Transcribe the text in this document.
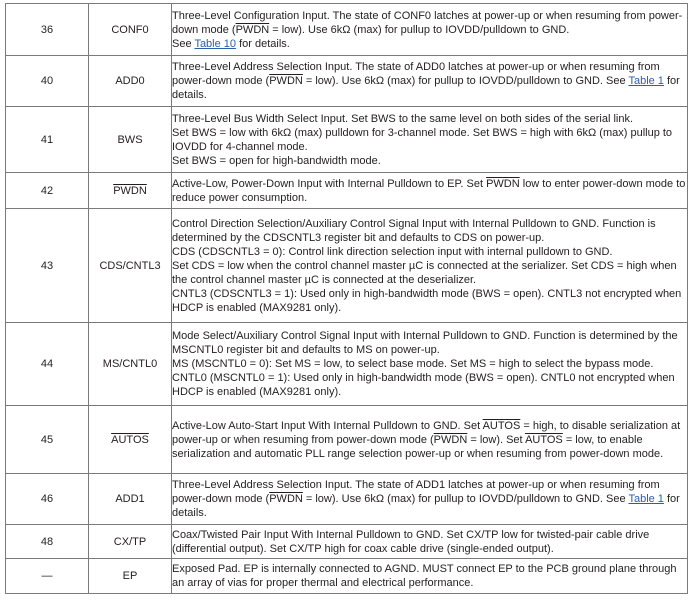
36	CONF0	Three-Level Configuration Input. The state of CONF0 latches at power-up or when resuming from power-down mode (PWDN = low). Use 6kΩ (max) for pullup to IOVDD/pulldown to GND.
See Table 10 for details.
40	ADD0	Three-Level Address Selection Input. The state of ADD0 latches at power-up or when resuming from power-down mode (PWDN = low). Use 6kΩ (max) for pullup to IOVDD/pulldown to GND. See Table 1 for details.
41	BWS	Three-Level Bus Width Select Input. Set BWS to the same level on both sides of the serial link.
Set BWS = low with 6kΩ (max) pulldown for 3-channel mode. Set BWS = high with 6kΩ (max) pullup to IOVDD for 4-channel mode.
Set BWS = open for high-bandwidth mode.

42	PWDN	Active-Low, Power-Down Input with Internal Pulldown to EP. Set PWDN low to enter power-down mode to reduce power consumption.
43	CDS/CNTL3	Control Direction Selection/Auxiliary Control Signal Input with Internal Pulldown to GND. Function is determined by the CDSCNTL3 register bit and defaults to CDS on power-up.
CDS (CDSCNTL3 = 0): Control link direction selection input with internal pulldown to GND.
Set CDS = low when the control channel master µC is connected at the serializer. Set CDS = high when the control channel master µC is connected at the deserializer.
CNTL3 (CDSCNTL3 = 1): Used only in high-bandwidth mode (BWS = open). CNTL3 not encrypted when HDCP is enabled (MAX9281 only).

44	MS/CNTL0	Mode Select/Auxiliary Control Signal Input with Internal Pulldown to GND. Function is determined by the MSCNTL0 register bit and defaults to MS on power-up.
MS (MSCNTL0 = 0): Set MS = low, to select base mode. Set MS = high to select the bypass mode.
CNTL0 (MSCNTL0 = 1): Used only in high-bandwidth mode (BWS = open). CNTL0 not encrypted when HDCP is enabled (MAX9281 only).

45	AUTOS	Active-Low Auto-Start Input With Internal Pulldown to GND. Set AUTOS = high, to disable serialization at power-up or when resuming from power-down mode (PWDN = low). Set AUTOS = low, to enable serialization and automatic PLL range selection power-up or when resuming from power-down mode.
46	ADD1	Three-Level Address Selection Input. The state of ADD1 latches at power-up or when resuming from power-down mode (PWDN = low). Use 6kΩ (max) for pullup to IOVDD/pulldown to GND. See Table 1 for details.
48	CX/TP	Coax/Twisted Pair Input With Internal Pulldown to GND. Set CX/TP low for twisted-pair cable drive (differential output). Set CX/TP high for coax cable drive (single-ended output).
—	EP	Exposed Pad. EP is internally connected to AGND. MUST connect EP to the PCB ground plane through an array of vias for proper thermal and electrical performance.
